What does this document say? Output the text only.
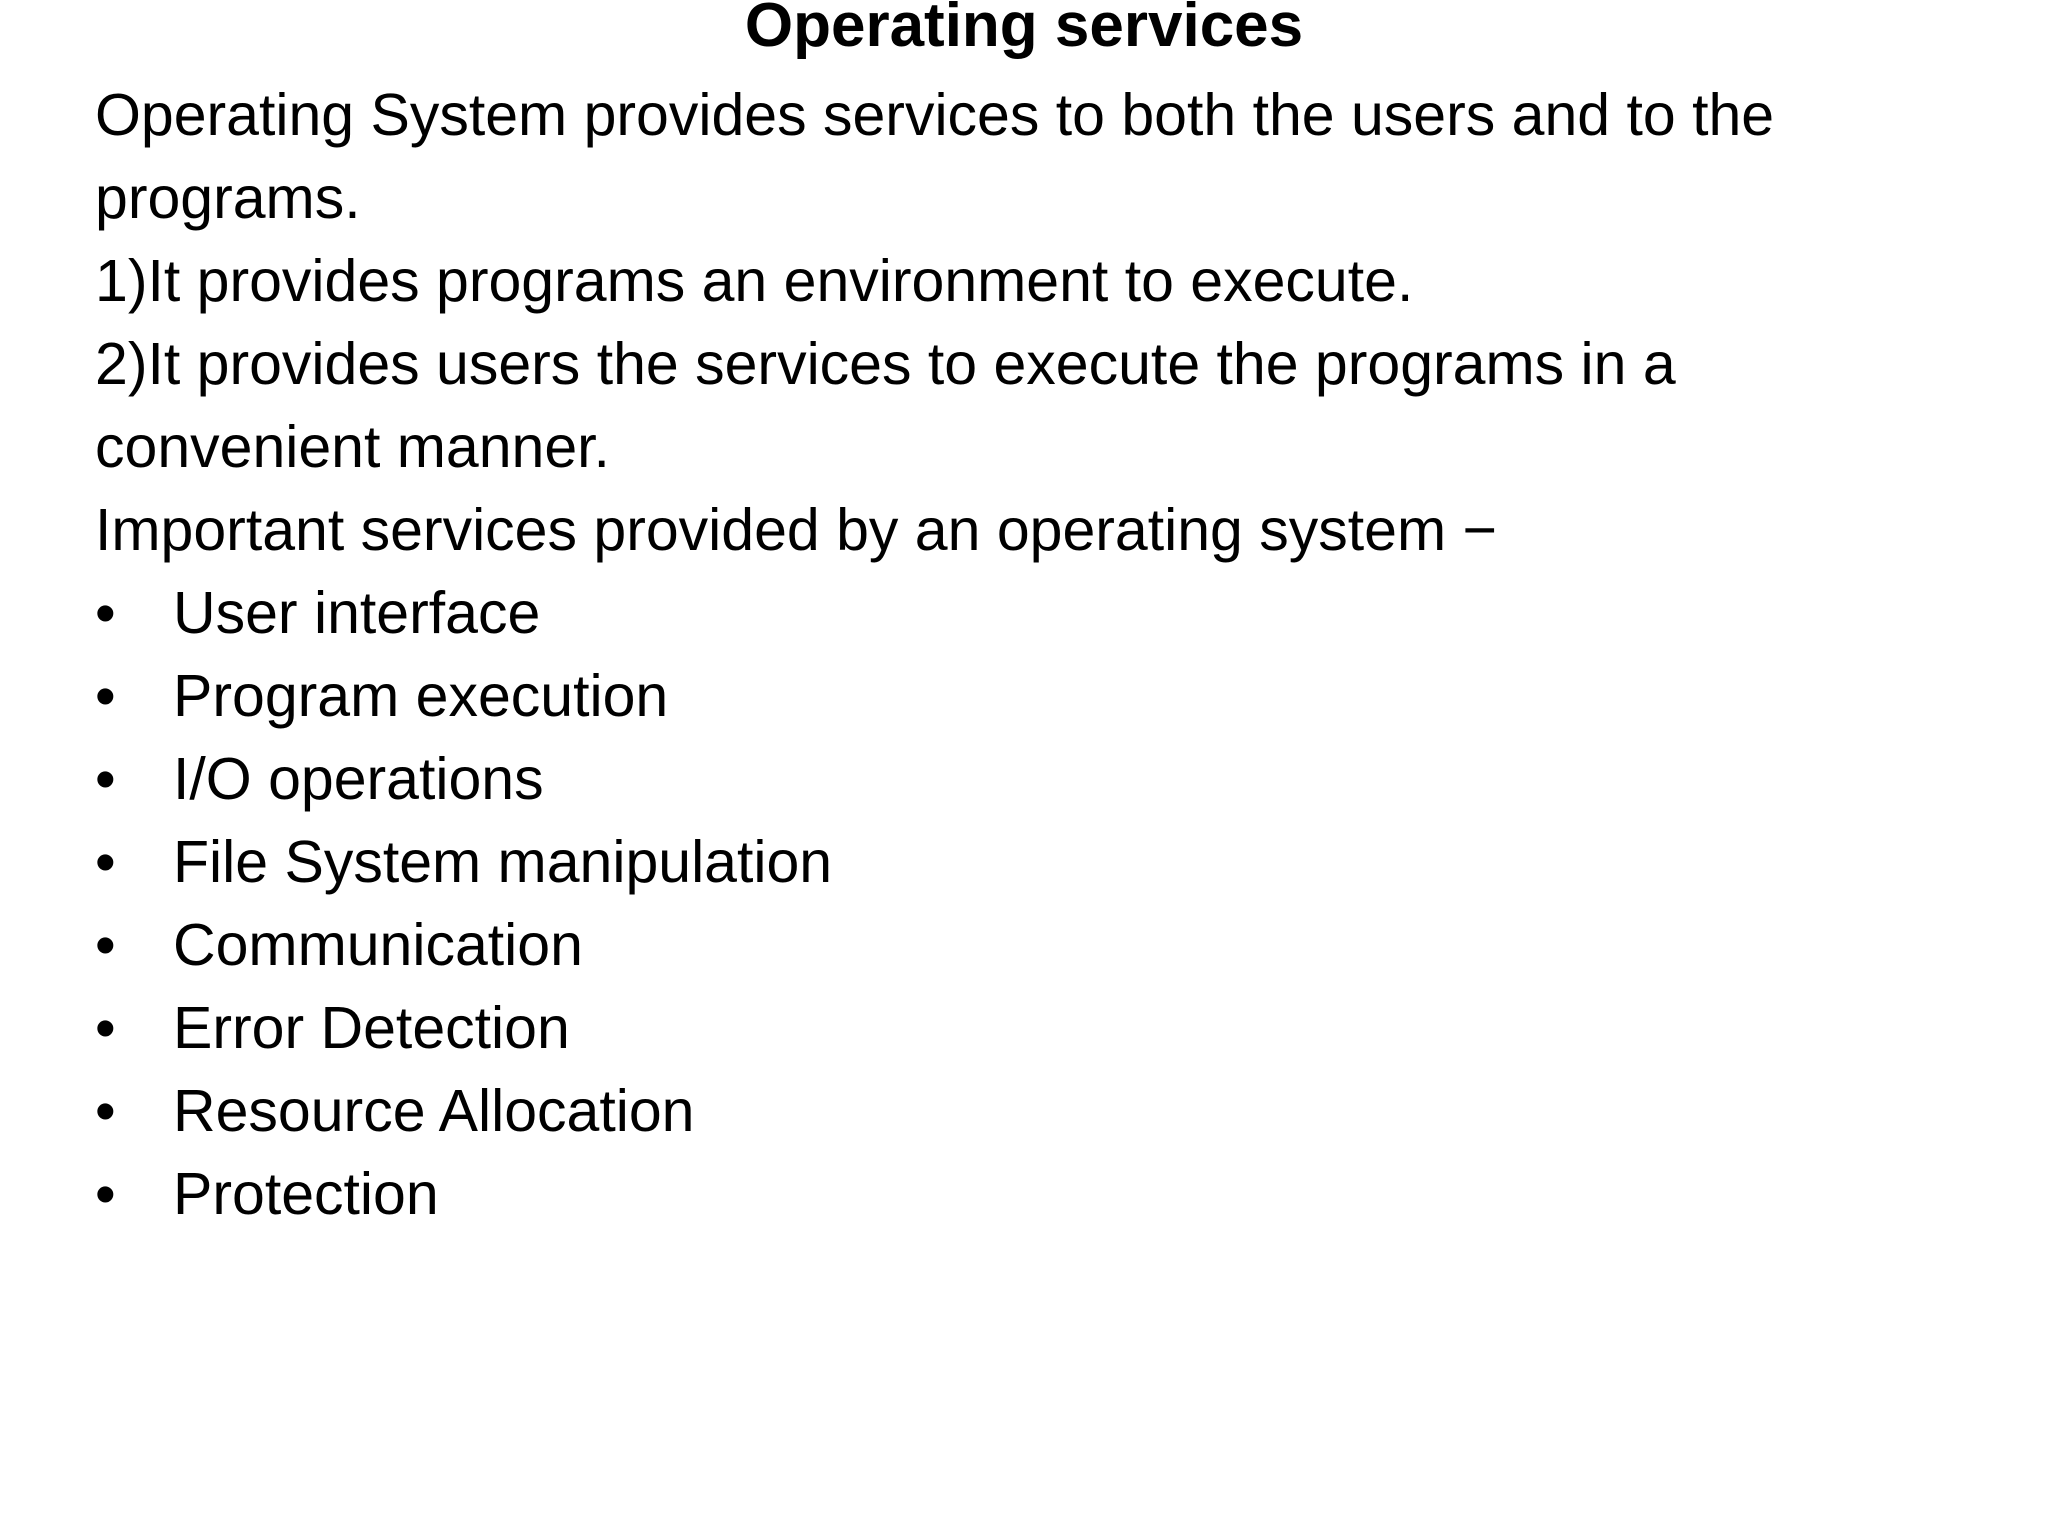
Operating services

Operating System provides services to both the users and to the programs.

1)It provides programs an environment to execute.

2)It provides users the services to execute the programs in a convenient manner.

Important services provided by an operating system −

• User interface
• Program execution
• I/O operations
• File System manipulation
• Communication
• Error Detection
• Resource Allocation
• Protection
